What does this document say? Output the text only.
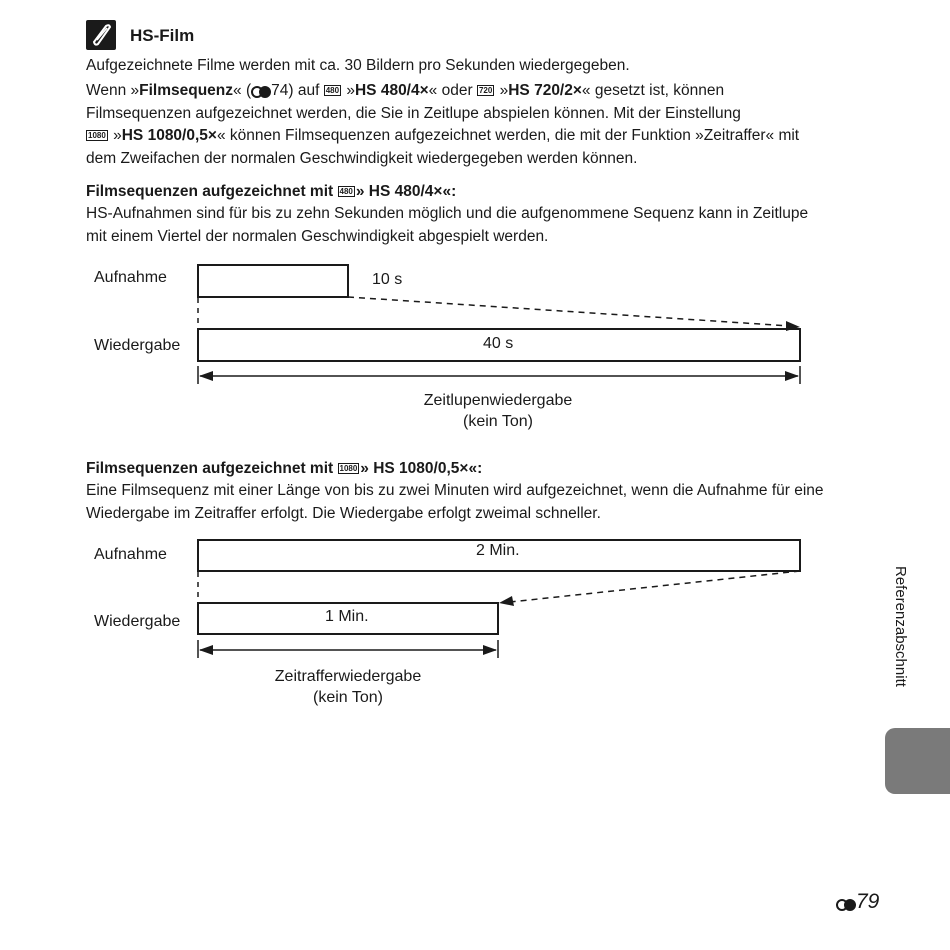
HS-Film
Aufgezeichnete Filme werden mit ca. 30 Bildern pro Sekunden wiedergegeben.
Wenn »Filmsequenz« ( 74) auf 480 »HS 480/4×« oder 720 »HS 720/2×« gesetzt ist, können
Filmsequenzen aufgezeichnet werden, die Sie in Zeitlupe abspielen können. Mit der Einstellung
1080 »HS 1080/0,5×« können Filmsequenzen aufgezeichnet werden, die mit der Funktion »Zeitraffer« mit
dem Zweifachen der normalen Geschwindigkeit wiedergegeben werden können.
Filmsequenzen aufgezeichnet mit 480 » HS 480/4×«:
HS-Aufnahmen sind für bis zu zehn Sekunden möglich und die aufgenommene Sequenz kann in Zeitlupe
mit einem Viertel der normalen Geschwindigkeit abgespielt werden.
Aufnahme	10 s
Wiedergabe	40 s
Zeitlupenwiedergabe
(kein Ton)
Filmsequenzen aufgezeichnet mit 1080 » HS 1080/0,5×«:
Eine Filmsequenz mit einer Länge von bis zu zwei Minuten wird aufgezeichnet, wenn die Aufnahme für eine
Wiedergabe im Zeitraffer erfolgt. Die Wiedergabe erfolgt zweimal schneller.
Aufnahme	2 Min.
Wiedergabe	1 Min.
Zeitrafferwiedergabe
(kein Ton)
Referenzabschnitt
79
